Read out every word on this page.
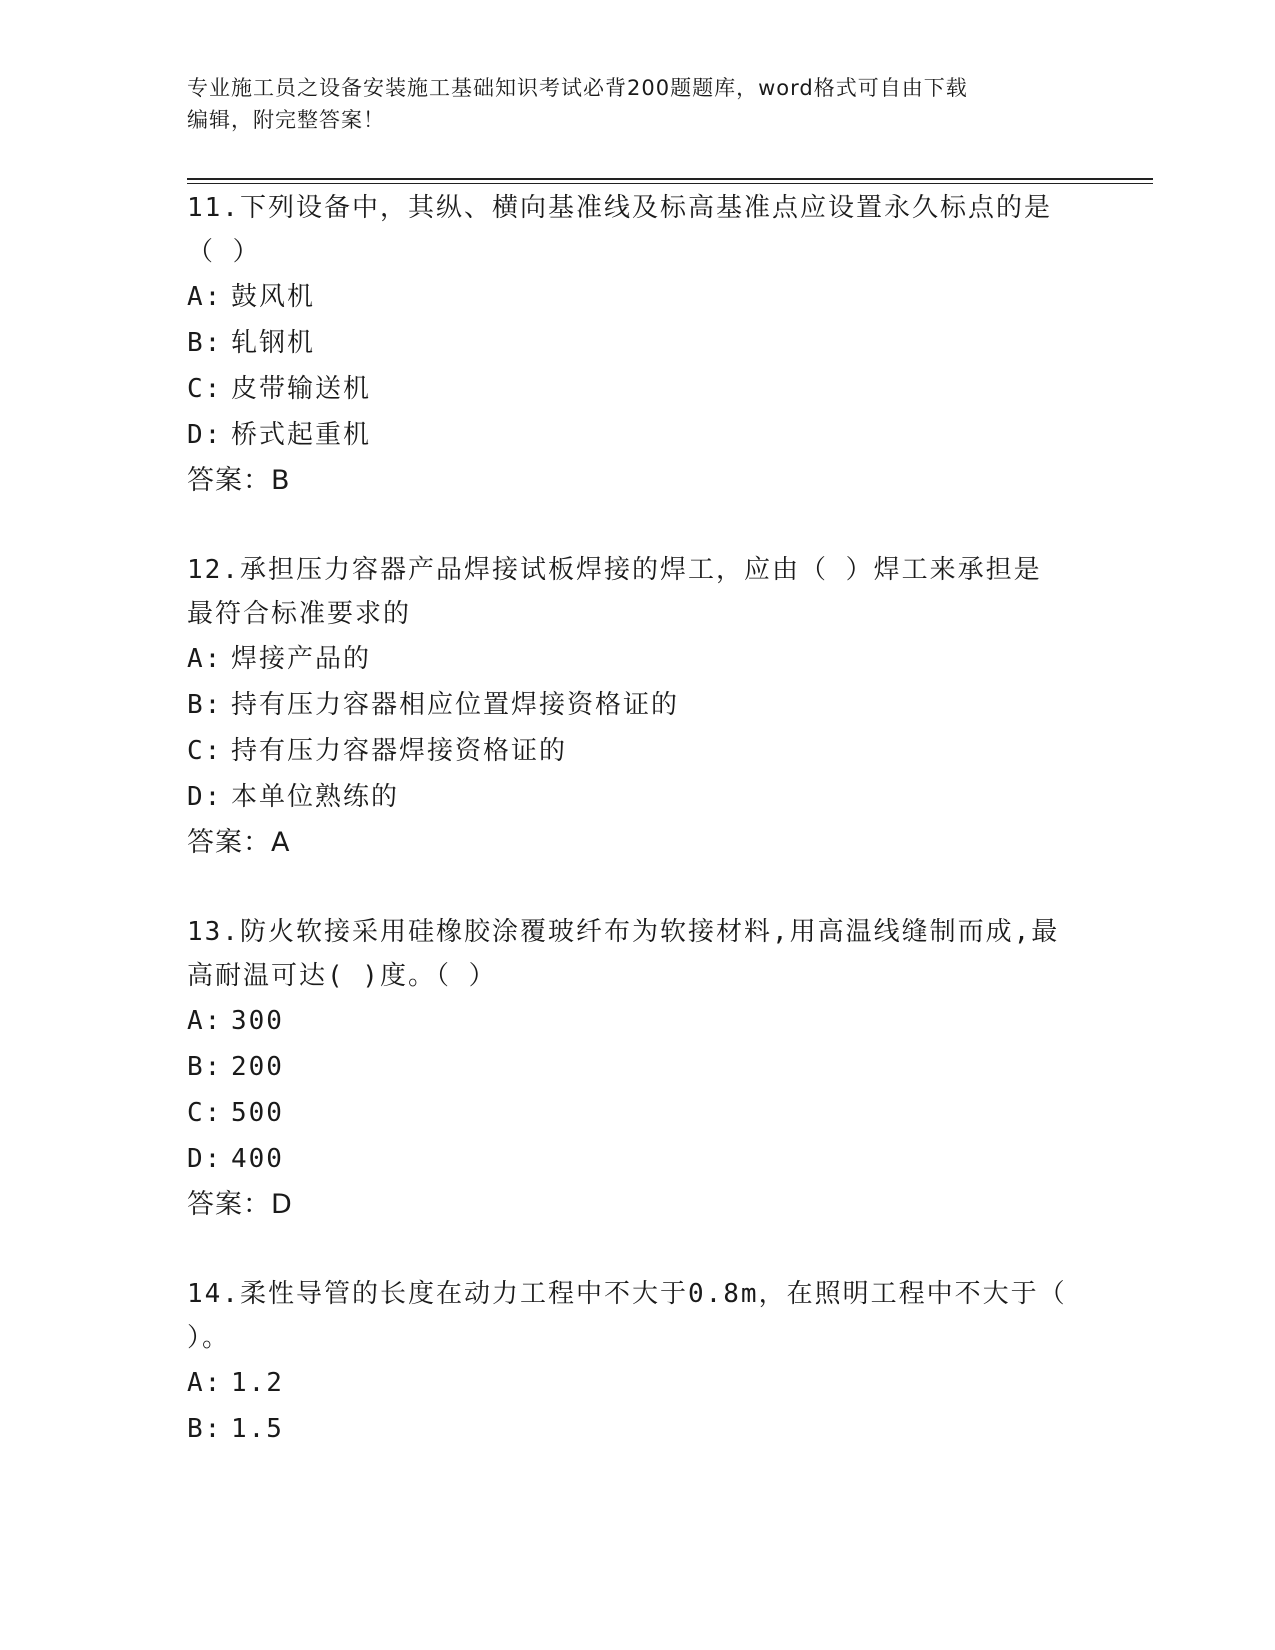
专业施工员之设备安装施工基础知识考试必背200题题库，word格式可自由下载
编辑，附完整答案！

11.下列设备中，其纵、横向基准线及标高基准点应设置永久标点的是

（ ）

A: 鼓风机

B: 轧钢机

C: 皮带输送机

D: 桥式起重机

答案：B

12.承担压力容器产品焊接试板焊接的焊工，应由（ ）焊工来承担是

最符合标准要求的

A: 焊接产品的

B: 持有压力容器相应位置焊接资格证的

C: 持有压力容器焊接资格证的

D: 本单位熟练的

答案：A

13.防火软接采用硅橡胶涂覆玻纤布为软接材料,用高温线缝制而成,最

高耐温可达( )度。（ ）

A: 300

B: 200

C: 500

D: 400

答案：D

14.柔性导管的长度在动力工程中不大于0.8m，在照明工程中不大于（

）。

A: 1.2

B: 1.5
